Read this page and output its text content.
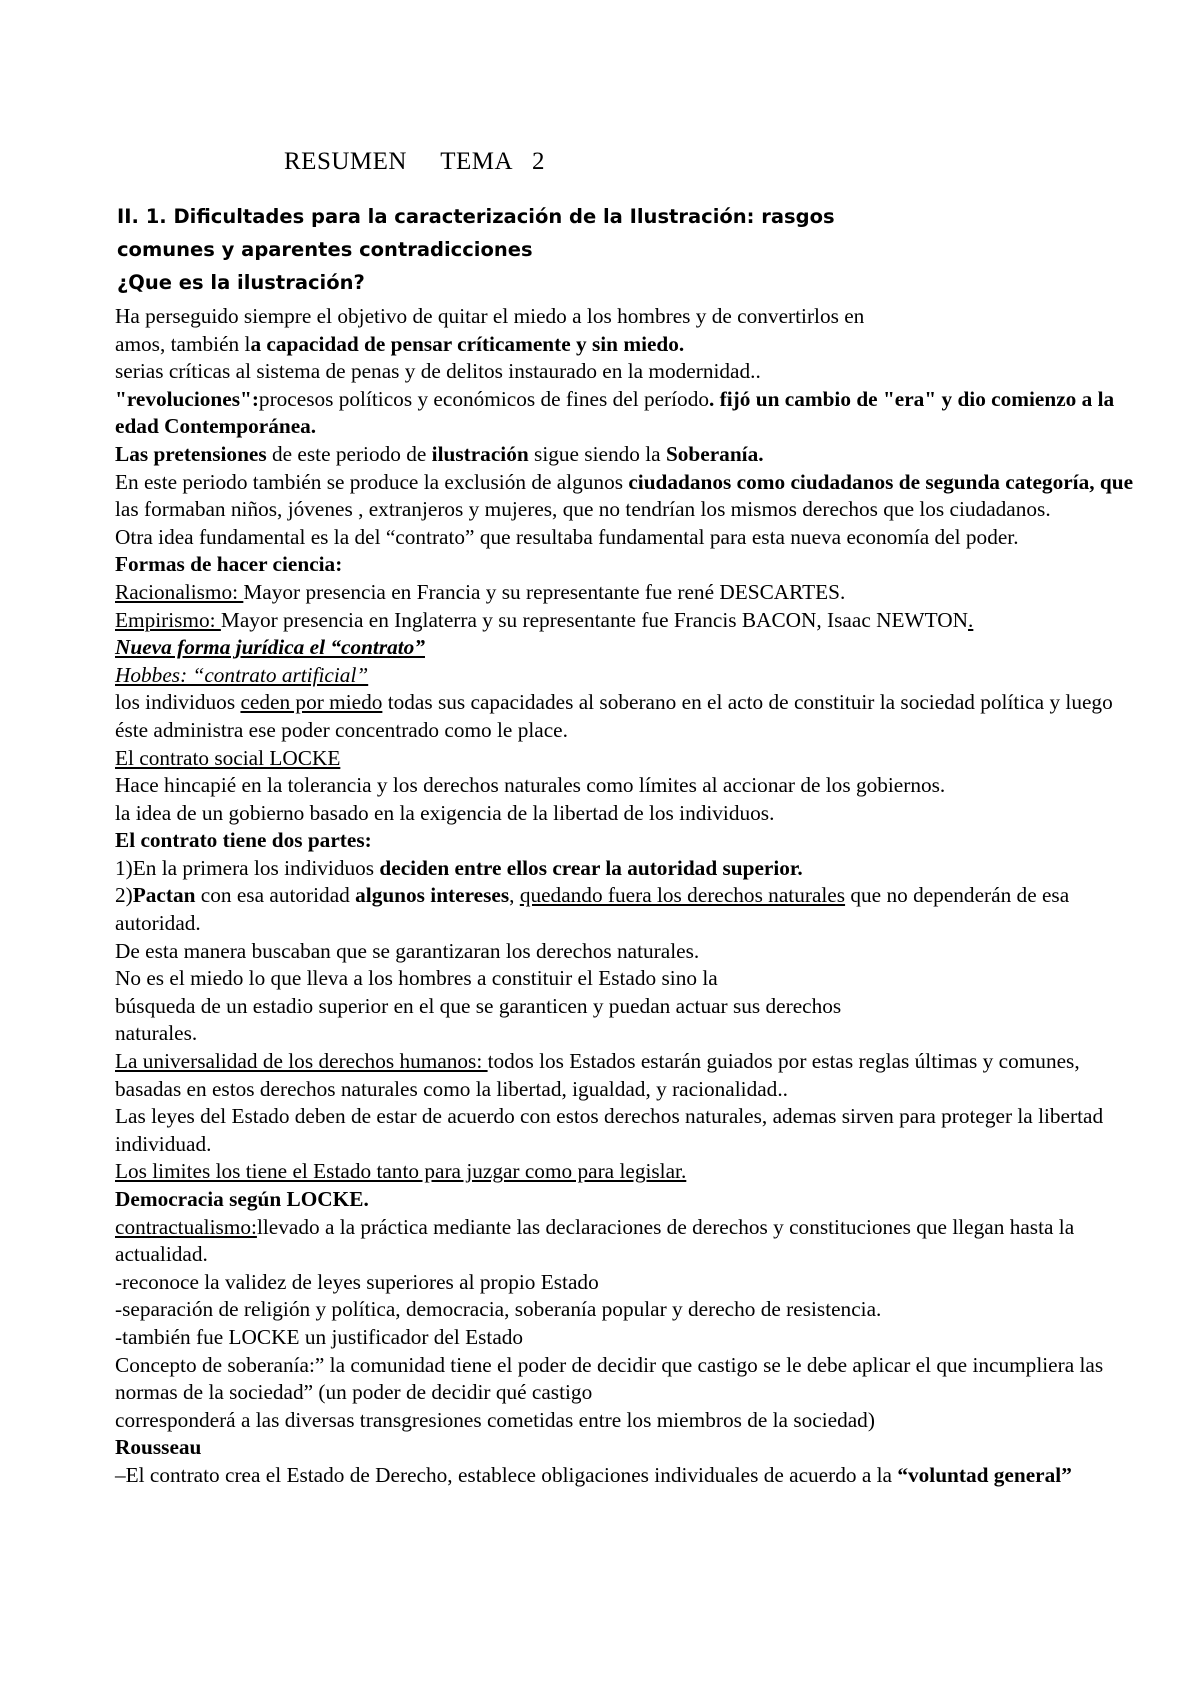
RESUMEN     TEMA   2
II. 1. Dificultades para la caracterización de la Ilustración: rasgos
comunes y aparentes contradicciones
¿Que es la ilustración?

Ha perseguido siempre el objetivo de quitar el miedo a los hombres y de convertirlos en
amos, también la capacidad de pensar críticamente y sin miedo.

serias críticas al sistema de penas y de delitos instaurado en la modernidad..

"revoluciones":procesos políticos y económicos de fines del período. fijó un cambio de "era" y dio comienzo a la edad Contemporánea.

Las pretensiones de este periodo de ilustración sigue siendo la Soberanía.

En este periodo también se produce la exclusión de algunos ciudadanos como ciudadanos de segunda categoría, que las formaban niños, jóvenes , extranjeros y mujeres, que no tendrían los mismos derechos que los ciudadanos.

Otra idea fundamental es la del “contrato” que resultaba fundamental para esta nueva economía del poder.

Formas de hacer ciencia:

Racionalismo: Mayor presencia en Francia y su representante fue rené DESCARTES.

Empirismo: Mayor presencia en Inglaterra y su representante fue Francis BACON, Isaac NEWTON.

Nueva forma jurídica el “contrato”

Hobbes: “contrato artificial”

los individuos ceden por miedo todas sus capacidades al soberano en el acto de constituir la sociedad política y luego éste administra ese poder concentrado como le place.

El contrato social LOCKE

Hace hincapié en la tolerancia y los derechos naturales como límites al accionar de los gobiernos.

la idea de un gobierno basado en la exigencia de la libertad de los individuos.

El contrato tiene dos partes:

1)En la primera los individuos deciden entre ellos crear la autoridad superior.

2)Pactan con esa autoridad algunos intereses, quedando fuera los derechos naturales que no dependerán de esa autoridad.

De esta manera buscaban que se garantizaran los derechos naturales.

No es el miedo lo que lleva a los hombres a constituir el Estado sino la
búsqueda de un estadio superior en el que se garanticen y puedan actuar sus derechos
naturales.

La universalidad de los derechos humanos: todos los Estados estarán guiados por estas reglas últimas y comunes, basadas en estos derechos naturales como la libertad, igualdad, y racionalidad..

Las leyes del Estado deben de estar de acuerdo con estos derechos naturales, ademas sirven para proteger la libertad individuad.

Los limites los tiene el Estado tanto para juzgar como para legislar.

Democracia según LOCKE.

contractualismo:llevado a la práctica mediante las declaraciones de derechos y constituciones que llegan hasta la actualidad.

-reconoce la validez de leyes superiores al propio Estado

-separación de religión y política, democracia, soberanía popular y derecho de resistencia.

-también fue LOCKE un justificador del Estado

Concepto de soberanía:” la comunidad tiene el poder de decidir que castigo se le debe aplicar el que incumpliera las normas de la sociedad” (un poder de decidir qué castigo
corresponderá a las diversas transgresiones cometidas entre los miembros de la sociedad)

Rousseau

–El contrato crea el Estado de Derecho, establece obligaciones individuales de acuerdo a la “voluntad general”
